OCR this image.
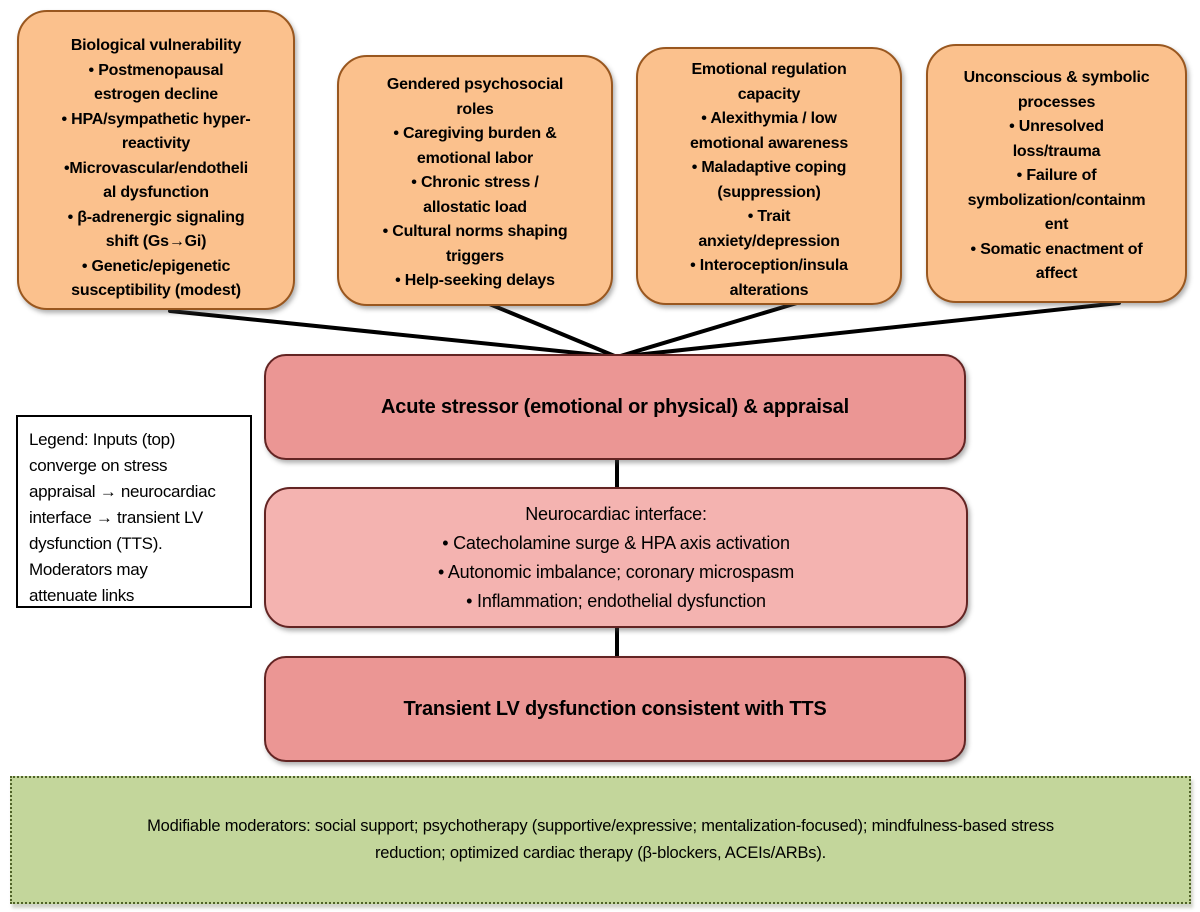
Biological vulnerability
• Postmenopausal
estrogen decline
• HPA/sympathetic hyper-
reactivity
•Microvascular/endotheli
al dysfunction
• β-adrenergic signaling
shift (Gs→Gi)
• Genetic/epigenetic
susceptibility (modest)
Gendered psychosocial
roles
• Caregiving burden &
emotional labor
• Chronic stress /
allostatic load
• Cultural norms shaping
triggers
• Help-seeking delays
Emotional regulation
capacity
• Alexithymia / low
emotional awareness
• Maladaptive coping
(suppression)
• Trait
anxiety/depression
• Interoception/insula
alterations
Unconscious & symbolic
processes
• Unresolved
loss/trauma
• Failure of
symbolization/containm
ent
• Somatic enactment of
affect
Acute stressor (emotional or physical) & appraisal
Neurocardiac interface:
• Catecholamine surge & HPA axis activation
• Autonomic imbalance; coronary microspasm
• Inflammation; endothelial dysfunction
Transient LV dysfunction consistent with TTS
Legend: Inputs (top)
converge on stress
appraisal → neurocardiac
interface → transient LV
dysfunction (TTS).
Moderators may
attenuate links
Modifiable moderators: social support; psychotherapy (supportive/expressive; mentalization-focused); mindfulness-based stress
reduction; optimized cardiac therapy (β-blockers, ACEIs/ARBs).
